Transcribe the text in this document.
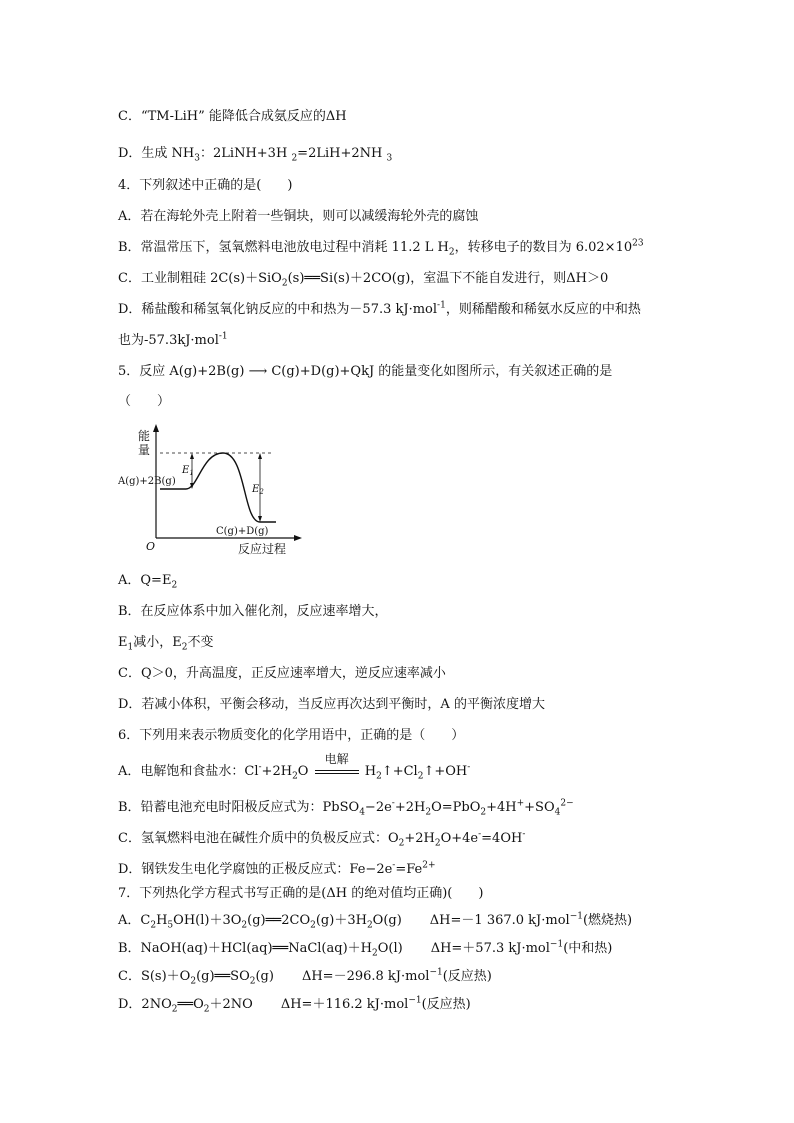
C．“TM-LiH” 能降低合成氨反应的ΔH
D．生成 $NH_3$：2LiNH+3H $_2$=2LiH+2NH $_3$
4．下列叙述中正确的是(　　)
A．若在海轮外壳上附着一些铜块，则可以减缓海轮外壳的腐蚀
B．常温常压下，氢氧燃料电池放电过程中消耗 11.2 L $H_2$，转移电子的数目为 $6.02\times 10^{23}$
C．工业制粗硅 2C(s)＋SiO$_2$(s)══Si(s)＋2CO(g)，室温下不能自发进行，则ΔH＞0
D．稀盐酸和稀氢氧化钠反应的中和热为－57.3 kJ·mol$^{-1}$，则稀醋酸和稀氨水反应的中和热
也为-57.3kJ·mol$^{-1}$
5．反应 A(g)+2B(g) ⟶ C(g)+D(g)+QkJ 的能量变化如图所示，有关叙述正确的是
（　　）
能
量
O	反应过程
$E_1$
$E_2$
A(g)+2B(g)
C(g)+D(g)
A．$Q=E_2$
B．在反应体系中加入催化剂，反应速率增大，
$E_1$减小，$E_2$不变
C．Q＞0，升高温度，正反应速率增大，逆反应速率减小
D．若减小体积，平衡会移动，当反应再次达到平衡时，A 的平衡浓度增大
6．下列用来表示物质变化的化学用语中，正确的是（　　）
A．电解饱和食盐水：$Cl^-+2H_2O$
电解
$H_2↑+Cl_2↑+OH^-$
B．铅蓄电池充电时阳极反应式为：$PbSO_4-2e^-+2H_2O=PbO_2+4H^++SO_4^{2-}$
C．氢氧燃料电池在碱性介质中的负极反应式：$O_2+2H_2O+4e^-=4OH^-$
D．钢铁发生电化学腐蚀的正极反应式：$Fe-2e^-=Fe^{2+}$
7．下列热化学方程式书写正确的是(ΔH 的绝对值均正确)(　　)
A．$C_2H_5OH(l)+3O_2(g)══2CO_2(g)+3H_2O(g)$ ΔH=－1 367.0 kJ·mol$^{-1}$(燃烧热)
B．$NaOH(aq)+HCl(aq)══NaCl(aq)+H_2O(l)$ ΔH=＋57.3 kJ·mol$^{-1}$(中和热)
C．$S(s)+O_2(g)══SO_2(g)$ ΔH=－296.8 kJ·mol$^{-1}$(反应热)
D．$2NO_2══O_2+2NO$ ΔH=＋116.2 kJ·mol$^{-1}$(反应热)
